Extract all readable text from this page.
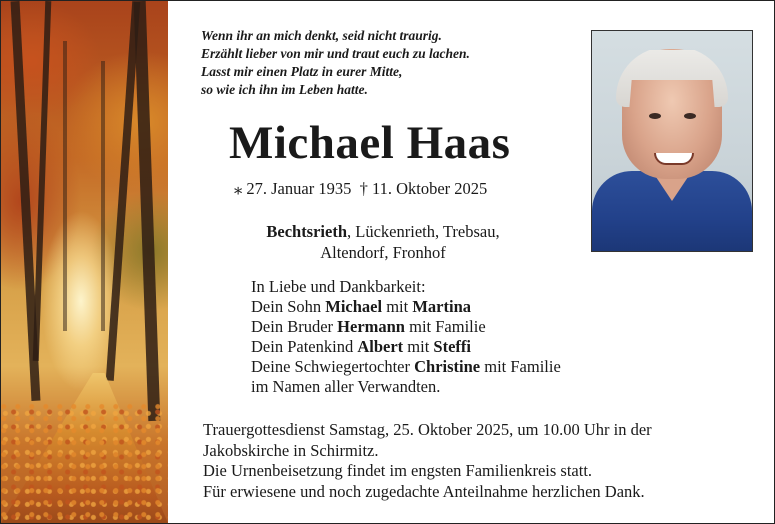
Wenn ihr an mich denkt, seid nicht traurig.
Erzählt lieber von mir und traut euch zu lachen.
Lasst mir einen Platz in eurer Mitte,
so wie ich ihn im Leben hatte.
Michael Haas
⁎ 27. Januar 1935 † 11. Oktober 2025
Bechtsrieth, Lückenrieth, Trebsau,
Altendorf, Fronhof
In Liebe und Dankbarkeit:
Dein Sohn Michael mit Martina
Dein Bruder Hermann mit Familie
Dein Patenkind Albert mit Steffi
Deine Schwiegertochter Christine mit Familie
im Namen aller Verwandten.
Trauergottesdienst Samstag, 25. Oktober 2025, um 10.00 Uhr in der
Jakobskirche in Schirmitz.
Die Urnenbeisetzung findet im engsten Familienkreis statt.
Für erwiesene und noch zugedachte Anteilnahme herzlichen Dank.
